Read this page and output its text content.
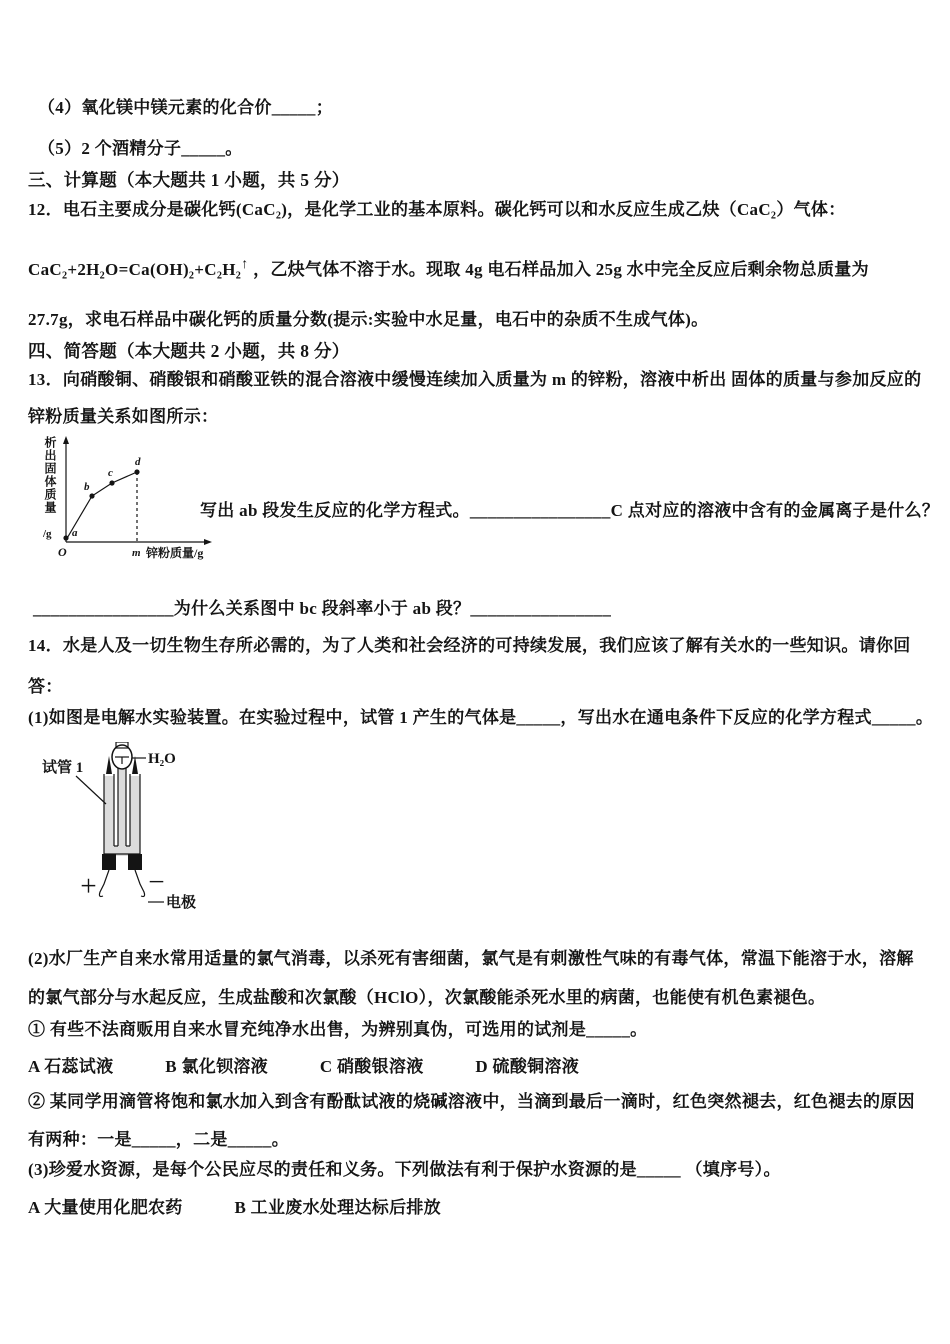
（4）氧化镁中镁元素的化合价_____；
（5）2 个酒精分子_____。
三、计算题（本大题共 1 小题，共 5 分）
12．电石主要成分是碳化钙(CaC₂)，是化学工业的基本原料。碳化钙可以和水反应生成乙炔（CaC₂）气体：
CaC₂+2H₂O=Ca(OH)₂+C₂H₂↑ ，乙炔气体不溶于水。现取 4g 电石样品加入 25g 水中完全反应后剩余物总质量为
27.7g，求电石样品中碳化钙的质量分数(提示:实验中水足量，电石中的杂质不生成气体)。
四、简答题（本大题共 2 小题，共 8 分）
13．向硝酸铜、硝酸银和硝酸亚铁的混合溶液中缓慢连续加入质量为 m 的锌粉，溶液中析出 固体的质量与参加反应的
锌粉质量关系如图所示：
析出固体质量
/g a
b
c
d
O	m 锌粉质量/g
写出 ab 段发生反应的化学方程式。________________C 点对应的溶液中含有的金属离子是什么？
________________为什么关系图中 bc 段斜率小于 ab 段？________________
14．水是人及一切生物生存所必需的，为了人类和社会经济的可持续发展，我们应该了解有关水的一些知识。请你回
答：
(1)如图是电解水实验装置。在实验过程中，试管 1 产生的气体是_____，写出水在通电条件下反应的化学方程式_____。
＋	－
H₂O
试管 1
电极
(2)水厂生产自来水常用适量的氯气消毒，以杀死有害细菌，氯气是有刺激性气味的有毒气体，常温下能溶于水，溶解
的氯气部分与水起反应，生成盐酸和次氯酸（HClO），次氯酸能杀死水里的病菌，也能使有机色素褪色。
① 有些不法商贩用自来水冒充纯净水出售，为辨别真伪，可选用的试剂是_____。
A 石蕊试液　　　B 氯化钡溶液　　　C 硝酸银溶液　　　D 硫酸铜溶液
② 某同学用滴管将饱和氯水加入到含有酚酞试液的烧碱溶液中，当滴到最后一滴时，红色突然褪去，红色褪去的原因
有两种：一是_____，二是_____。
(3)珍爱水资源，是每个公民应尽的责任和义务。下列做法有利于保护水资源的是_____ （填序号）。
A 大量使用化肥农药　　　B 工业废水处理达标后排放
